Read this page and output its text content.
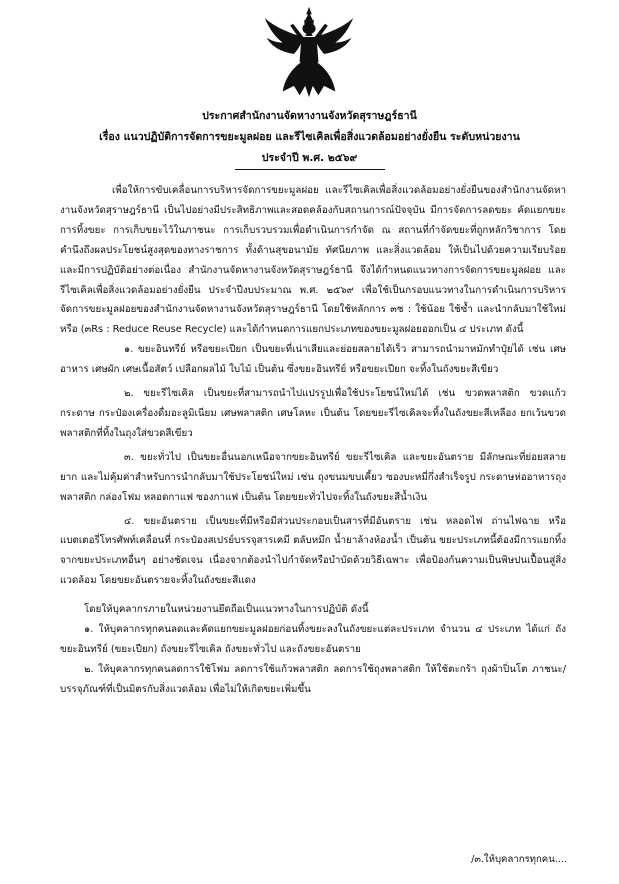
ประกาศสำนักงานจัดหางานจังหวัดสุราษฎร์ธานี
เรื่อง แนวปฏิบัติการจัดการขยะมูลฝอย และรีไซเคิลเพื่อสิ่งแวดล้อมอย่างยั่งยืน ระดับหน่วยงาน
ประจำปี พ.ศ. ๒๕๖๙

เพื่อให้การขับเคลื่อนการบริหารจัดการขยะมูลฝอย และรีไซเคิลเพื่อสิ่งแวดล้อมอย่างยั่งยืนของสำนักงานจัดหางานจังหวัดสุราษฎร์ธานี เป็นไปอย่างมีประสิทธิภาพและสอดคล้องกับสถานการณ์ปัจจุบัน มีการจัดการลดขยะ คัดแยกขยะ การทิ้งขยะ การเก็บขยะไว้ในภาชนะ การเก็บรวบรวมเพื่อดำเนินการกำจัด ณ สถานที่กำจัดขยะที่ถูกหลักวิชาการ โดยคำนึงถึงผลประโยชน์สูงสุดของทางราชการ ทั้งด้านสุขอนามัย ทัศนียภาพ และสิ่งแวดล้อม ให้เป็นไปด้วยความเรียบร้อยและมีการปฏิบัติอย่างต่อเนื่อง สำนักงานจัดหางานจังหวัดสุราษฎร์ธานี จึงได้กำหนดแนวทางการจัดการขยะมูลฝอย และรีไซเคิลเพื่อสิ่งแวดล้อมอย่างยั่งยืน ประจำปีงบประมาณ พ.ศ. ๒๕๖๙ เพื่อใช้เป็นกรอบแนวทางในการดำเนินการบริหารจัดการขยะมูลฝอยของสำนักงานจัดหางานจังหวัดสุราษฎร์ธานี โดยใช้หลักการ ๓ช : ใช้น้อย ใช้ซ้ำ และนำกลับมาใช้ใหม่ หรือ (๓Rs : Reduce Reuse Recycle) และได้กำหนดการแยกประเภทของขยะมูลฝอยออกเป็น ๔ ประเภท ดังนี้

๑. ขยะอินทรีย์ หรือขยะเปียก เป็นขยะที่เน่าเสียและย่อยสลายได้เร็ว สามารถนำมาหมักทำปุ๋ยได้ เช่น เศษอาหาร เศษผัก เศษเนื้อสัตว์ เปลือกผลไม้ ใบไม้ เป็นต้น ซึ่งขยะอินทรีย์ หรือขยะเปียก จะทิ้งในถังขยะสีเขียว

๒. ขยะรีไซเคิล เป็นขยะที่สามารถนำไปแปรรูปเพื่อใช้ประโยชน์ใหม่ได้ เช่น ขวดพลาสติก ขวดแก้ว กระดาษ กระป๋องเครื่องดื่มอะลูมิเนียม เศษพลาสติก เศษโลหะ เป็นต้น โดยขยะรีไซเคิลจะทิ้งในถังขยะสีเหลือง ยกเว้นขวดพลาสติกที่ทิ้งในถุงใส่ขวดสีเขียว

๓. ขยะทั่วไป เป็นขยะอื่นนอกเหนือจากขยะอินทรีย์ ขยะรีไซเคิล และขยะอันตราย มีลักษณะที่ย่อยสลายยาก และไม่คุ้มค่าสำหรับการนำกลับมาใช้ประโยชน์ใหม่ เช่น ถุงขนมขบเคี้ยว ซองบะหมี่กึ่งสำเร็จรูป กระดาษห่ออาหารถุงพลาสติก กล่องโฟม หลอดกาแฟ ซองกาแฟ เป็นต้น โดยขยะทั่วไปจะทิ้งในถังขยะสีน้ำเงิน

๔. ขยะอันตราย เป็นขยะที่มีหรือมีส่วนประกอบเป็นสารที่มีอันตราย เช่น หลอดไฟ ถ่านไฟฉาย หรือแบตเตอรี่โทรศัพท์เคลื่อนที่ กระป๋องสเปรย์บรรจุสารเคมี ตลับหมึก น้ำยาล้างห้องน้ำ เป็นต้น ขยะประเภทนี้ต้องมีการแยกทิ้งจากขยะประเภทอื่นๆ อย่างชัดเจน เนื่องจากต้องนำไปกำจัดหรือบำบัดด้วยวิธีเฉพาะ เพื่อป้องกันความเป็นพิษปนเปื้อนสู่สิ่งแวดล้อม โดยขยะอันตรายจะทิ้งในถังขยะสีแดง

โดยให้บุคลากรภายในหน่วยงานยึดถือเป็นแนวทางในการปฏิบัติ ดังนี้

๑. ให้บุคลากรทุกคนลดและคัดแยกขยะมูลฝอยก่อนทิ้งขยะลงในถังขยะแต่ละประเภท จำนวน ๔ ประเภท ได้แก่ ถังขยะอินทรีย์ (ขยะเปียก) ถังขยะรีไซเคิล ถังขยะทั่วไป และถังขยะอันตราย

๒. ให้บุคลากรทุกคนลดการใช้โฟม ลดการใช้แก้วพลาสติก ลดการใช้ถุงพลาสติก ให้ใช้ตะกร้า ถุงผ้าปิ่นโต ภาชนะ/บรรจุภัณฑ์ที่เป็นมิตรกับสิ่งแวดล้อม เพื่อไม่ให้เกิดขยะเพิ่มขึ้น

/๓.ให้บุคลากรทุกคน....
